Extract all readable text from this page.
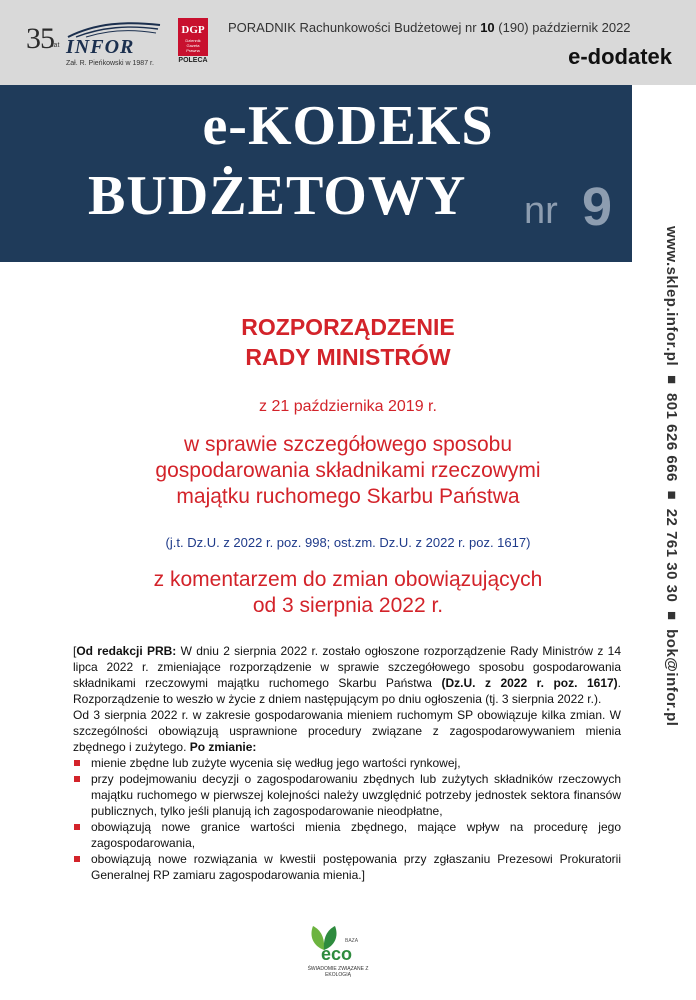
35
lat INFOR
Zał. R. Pieńkowski w 1987 r.
DGP
Dziennik Gazeta Prawna
POLECA
PORADNIK Rachunkowości Budżetowej nr 10 (190) październik 2022
e-dodatek
e-KODEKS
BUDŻETOWY nr 9
www.sklep.infor.pl ■ 801 626 666 ■ 22 761 30 30 ■ bok@infor.pl
ROZPORZĄDZENIE
RADY MINISTRÓW
z 21 października 2019 r.
w sprawie szczegółowego sposobu
gospodarowania składnikami rzeczowymi
majątku ruchomego Skarbu Państwa
(j.t. Dz.U. z 2022 r. poz. 998; ost.zm. Dz.U. z 2022 r. poz. 1617)
z komentarzem do zmian obowiązujących
od 3 sierpnia 2022 r.

[Od redakcji PRB: W dniu 2 sierpnia 2022 r. zostało ogłoszone rozporządzenie Rady Ministrów z 14 lipca 2022 r. zmieniające rozporządzenie w sprawie szczegółowego sposobu gospodarowania składnikami rzeczowymi majątku ruchomego Skarbu Państwa (Dz.U. z 2022 r. poz. 1617). Rozporządzenie to weszło w życie z dniem następującym po dniu ogłoszenia (tj. 3 sierpnia 2022 r.).

Od 3 sierpnia 2022 r. w zakresie gospodarowania mieniem ruchomym SP obowiązuje kilka zmian. W szczególności obowiązują usprawnione procedury związane z zagospodarowywaniem mienia zbędnego i zużytego. Po zmianie:

mienie zbędne lub zużyte wycenia się według jego wartości rynkowej,
przy podejmowaniu decyzji o zagospodarowaniu zbędnych lub zużytych składników rzeczowych majątku ruchomego w pierwszej kolejności należy uwzględnić potrzeby jednostek sektora finansów publicznych, tylko jeśli planują ich zagospodarowanie nieodpłatne,
obowiązują nowe granice wartości mienia zbędnego, mające wpływ na procedurę jego zagospodarowania,
obowiązują nowe rozwiązania w kwestii postępowania przy zgłaszaniu Prezesowi Prokuratorii Generalnej RP zamiaru zagospodarowania mienia.]
BAZA
eco
ŚWIADOMIE ZWIĄZANE Z EKOLOGIĄ
